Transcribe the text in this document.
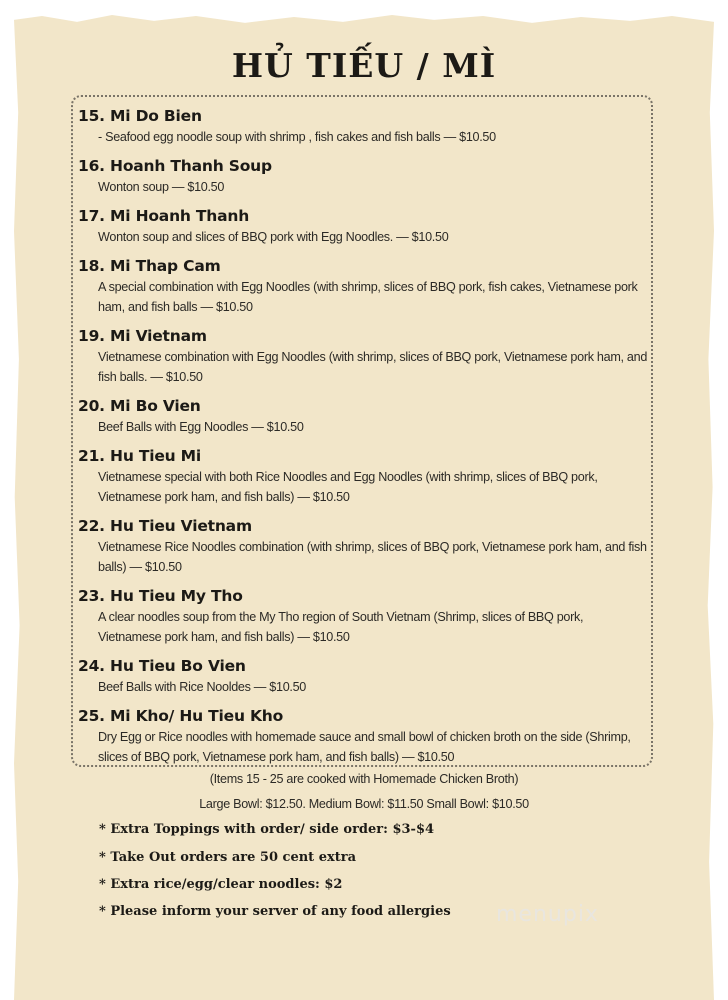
HỦ TIẾU / MÌ
15. Mi Do Bien
- Seafood egg noodle soup with shrimp , fish cakes and fish balls — $10.50
16. Hoanh Thanh Soup
Wonton soup — $10.50
17. Mi Hoanh Thanh
Wonton soup and slices of BBQ pork with Egg Noodles. — $10.50
18. Mi Thap Cam
A special combination with Egg Noodles (with shrimp, slices of BBQ pork, fish cakes, Vietnamese pork ham, and fish balls — $10.50
19. Mi Vietnam
Vietnamese combination with Egg Noodles (with shrimp, slices of BBQ pork, Vietnamese pork ham, and fish balls. — $10.50
20. Mi Bo Vien
Beef Balls with Egg Noodles — $10.50
21. Hu Tieu Mi
Vietnamese special with both Rice Noodles and Egg Noodles (with shrimp, slices of BBQ pork, Vietnamese pork ham, and fish balls) — $10.50
22. Hu Tieu Vietnam
Vietnamese Rice Noodles combination (with shrimp, slices of BBQ pork, Vietnamese pork ham, and fish balls) — $10.50
23. Hu Tieu My Tho
A clear noodles soup from the My Tho region of South Vietnam (Shrimp, slices of BBQ pork, Vietnamese pork ham, and fish balls) — $10.50
24. Hu Tieu Bo Vien
Beef Balls with Rice Nooldes — $10.50
25. Mi Kho/ Hu Tieu Kho
Dry Egg or Rice noodles with homemade sauce and small bowl of chicken broth on the side (Shrimp, slices of BBQ pork, Vietnamese pork ham, and fish balls) — $10.50
(Items 15 - 25 are cooked with Homemade Chicken Broth)
Large Bowl: $12.50. Medium Bowl: $11.50 Small Bowl: $10.50
* Extra Toppings with order/ side order: $3-$4
* Take Out orders are 50 cent extra
* Extra rice/egg/clear noodles: $2
* Please inform your server of any food allergies menupix
